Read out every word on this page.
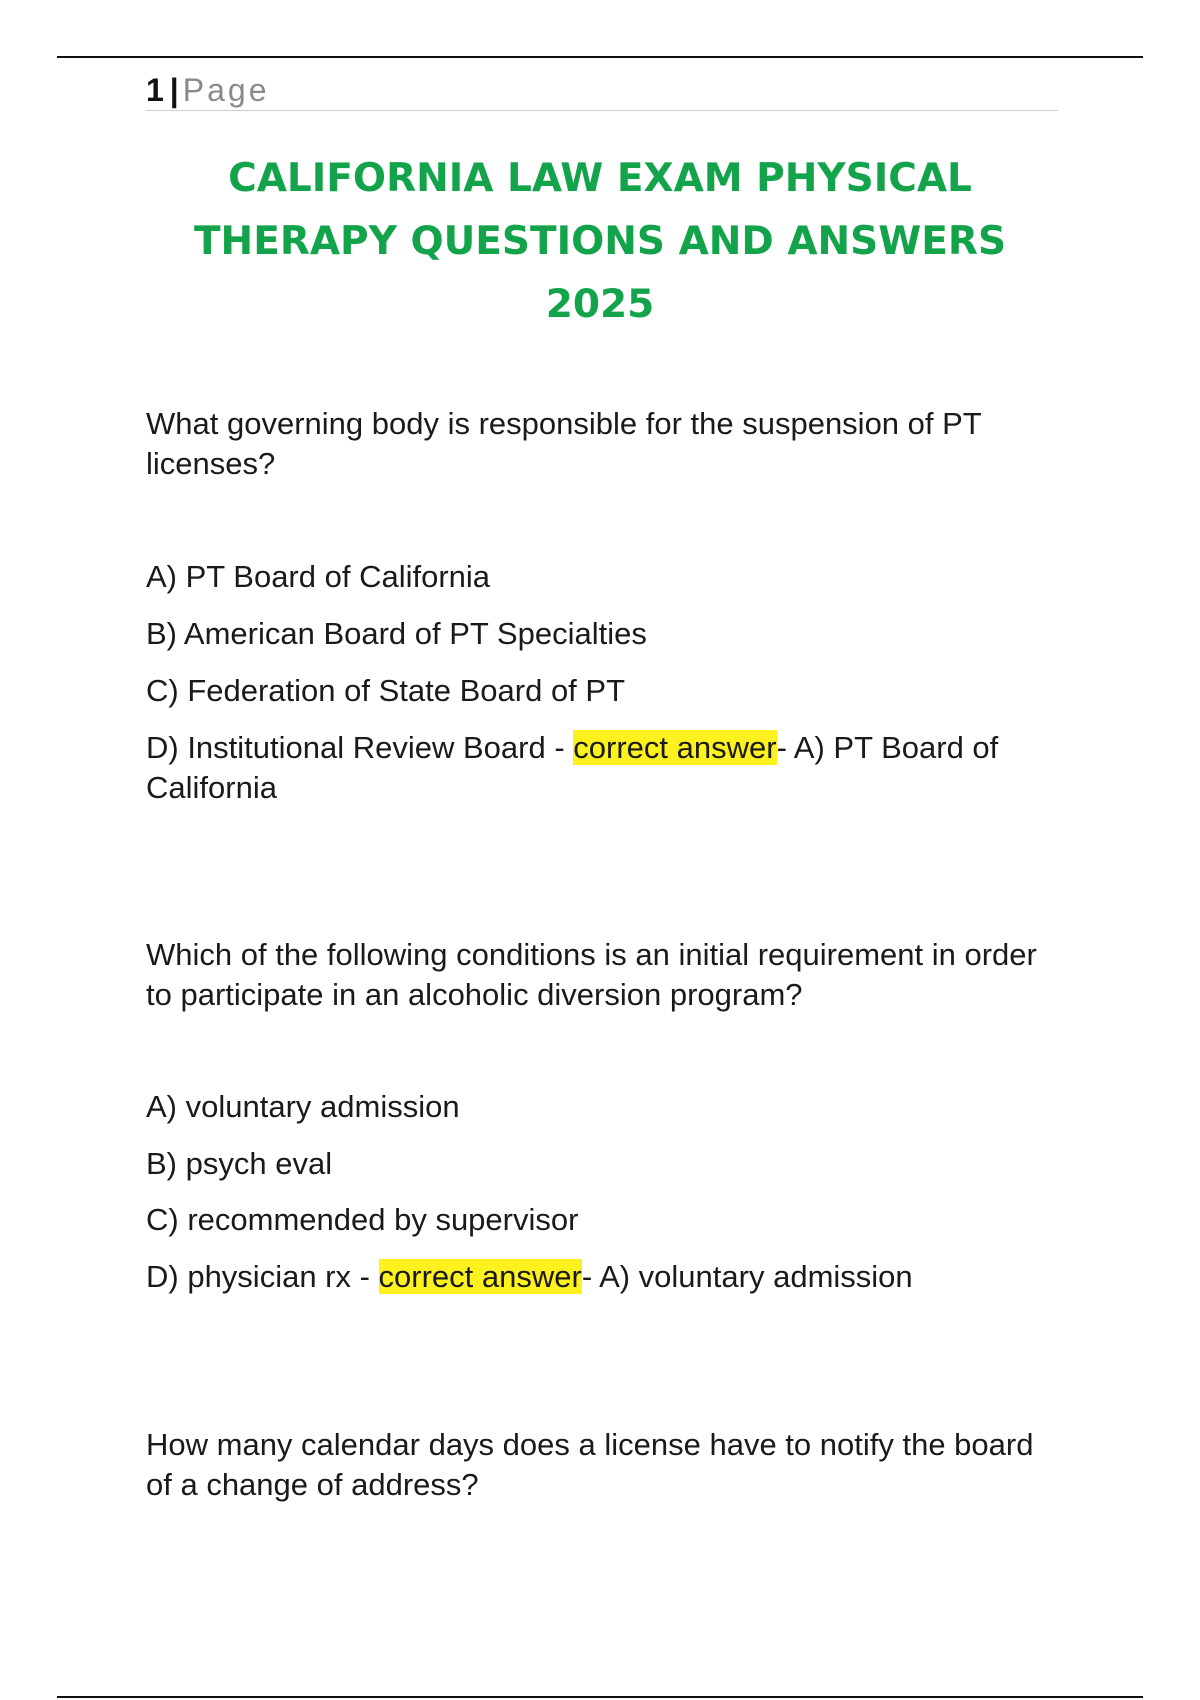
1 | Page
CALIFORNIA LAW EXAM PHYSICAL
THERAPY QUESTIONS AND ANSWERS
2025

What governing body is responsible for the suspension of PT licenses?

A) PT Board of California

B) American Board of PT Specialties

C) Federation of State Board of PT

D) Institutional Review Board - correct answer- A) PT Board of California

Which of the following conditions is an initial requirement in order to participate in an alcoholic diversion program?

A) voluntary admission

B) psych eval

C) recommended by supervisor

D) physician rx - correct answer- A) voluntary admission

How many calendar days does a license have to notify the board of a change of address?
